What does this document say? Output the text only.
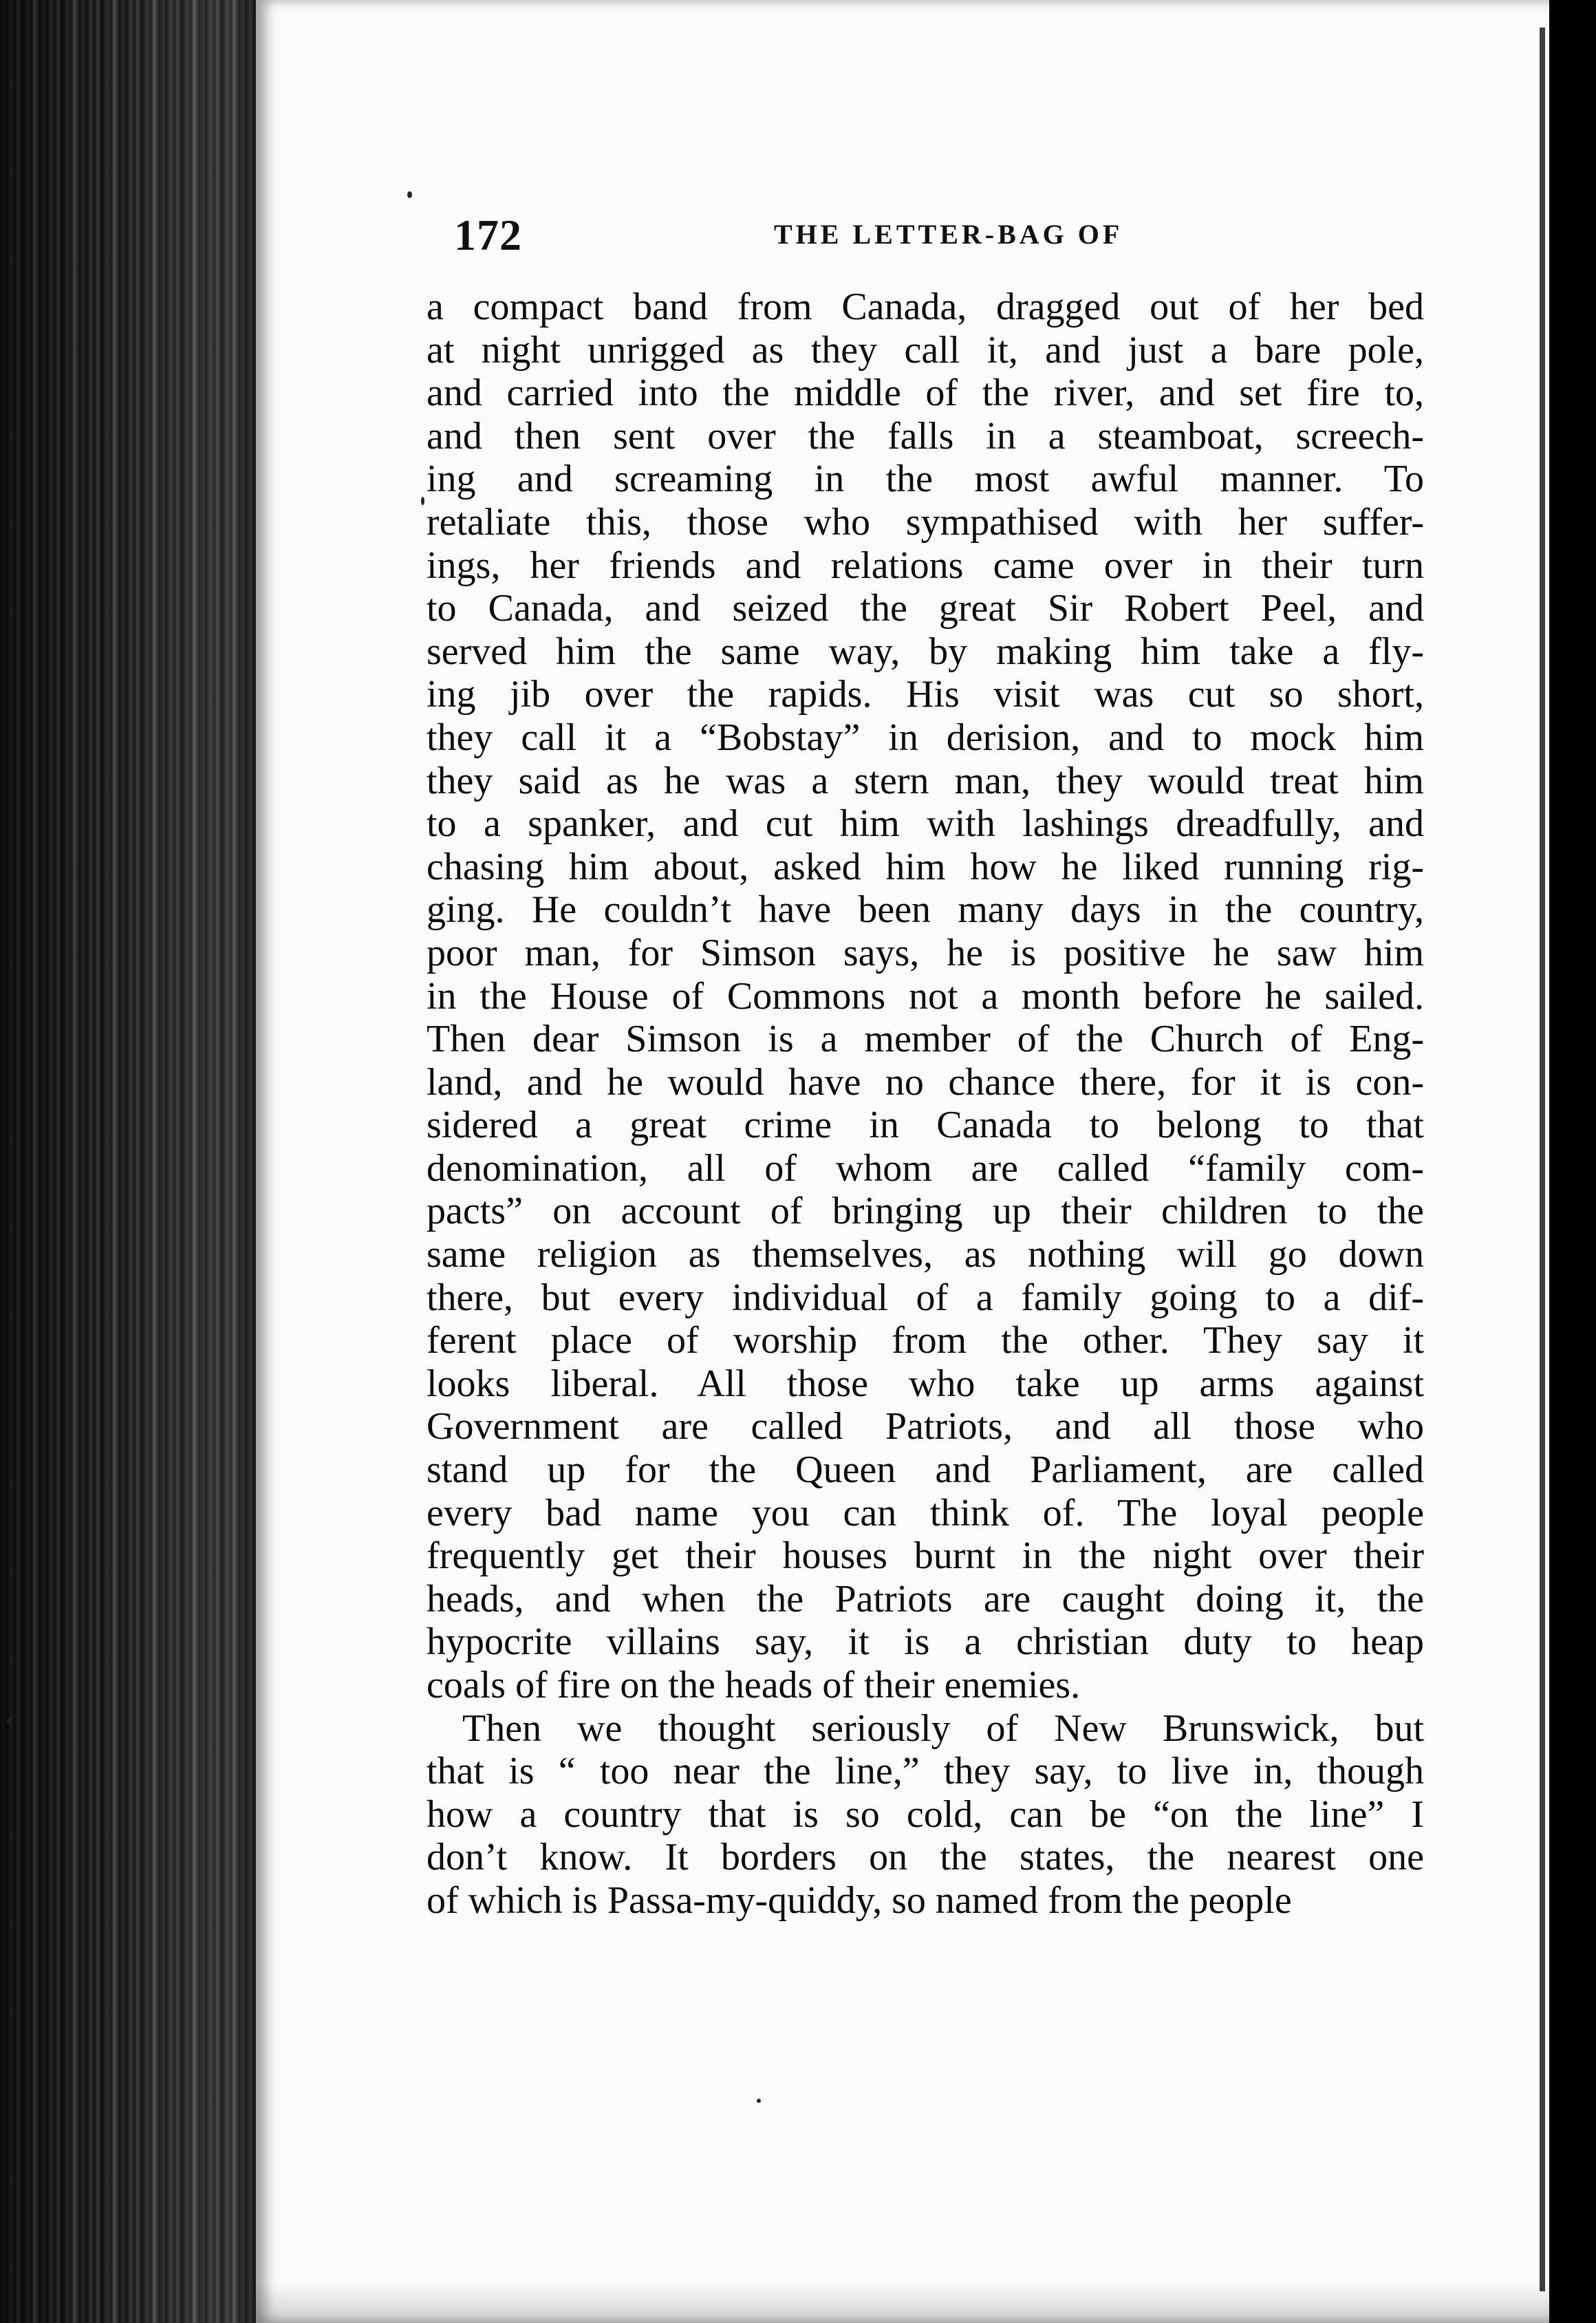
172	THE LETTER-BAG OF
a compact band from Canada, dragged out of her bed
at night unrigged as they call it, and just a bare pole,
and carried into the middle of the river, and set fire to,
and then sent over the falls in a steamboat, screech-
ing and screaming in the most awful manner. To
retaliate this, those who sympathised with her suffer-
ings, her friends and relations came over in their turn
to Canada, and seized the great Sir Robert Peel, and
served him the same way, by making him take a fly-
ing jib over the rapids. His visit was cut so short,
they call it a “Bobstay” in derision, and to mock him
they said as he was a stern man, they would treat him
to a spanker, and cut him with lashings dreadfully, and
chasing him about, asked him how he liked running rig-
ging. He couldn’t have been many days in the country,
poor man, for Simson says, he is positive he saw him
in the House of Commons not a month before he sailed.
Then dear Simson is a member of the Church of Eng-
land, and he would have no chance there, for it is con-
sidered a great crime in Canada to belong to that
denomination, all of whom are called “family com-
pacts” on account of bringing up their children to the
same religion as themselves, as nothing will go down
there, but every individual of a family going to a dif-
ferent place of worship from the other. They say it
looks liberal. All those who take up arms against
Government are called Patriots, and all those who
stand up for the Queen and Parliament, are called
every bad name you can think of. The loyal people
frequently get their houses burnt in the night over their
heads, and when the Patriots are caught doing it, the
hypocrite villains say, it is a christian duty to heap
coals of fire on the heads of their enemies.
Then we thought seriously of New Brunswick, but
that is “ too near the line,” they say, to live in, though
how a country that is so cold, can be “on the line” I
don’t know. It borders on the states, the nearest one
of which is Passa-my-quiddy, so named from the people
